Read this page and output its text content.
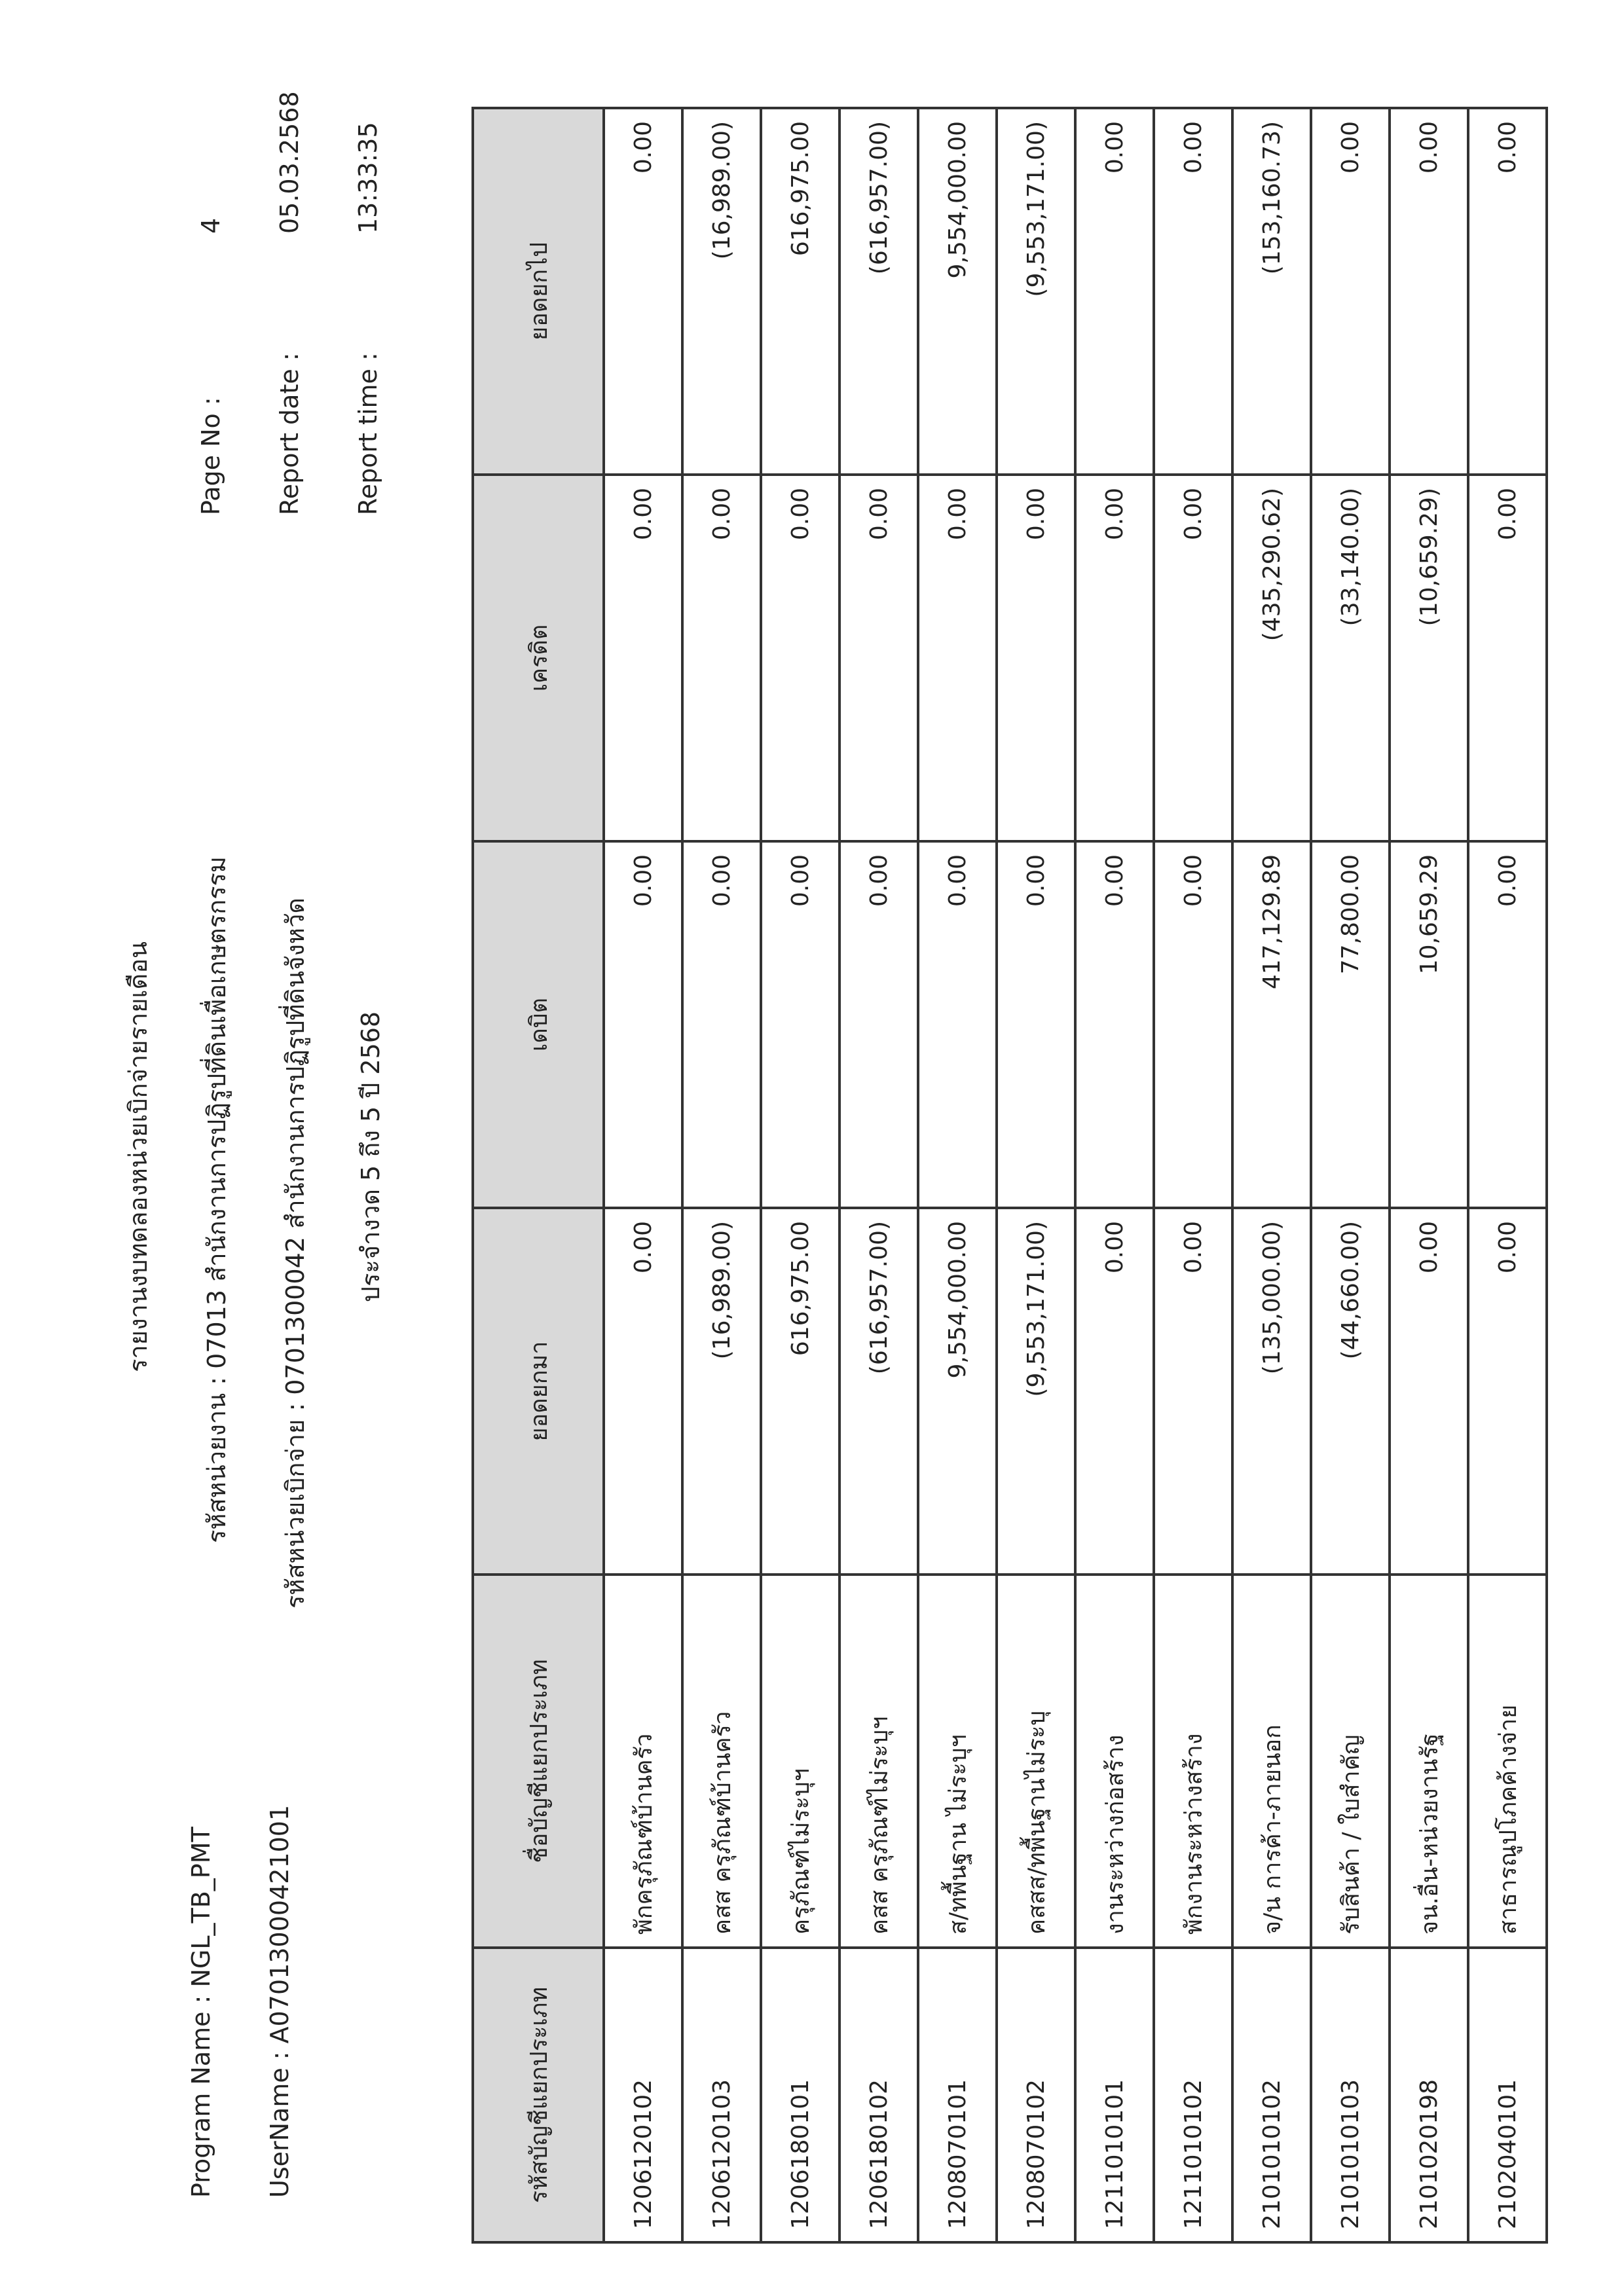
Program Name : NGL_TB_PMT UserName : A07013000421001
รายงานงบทดลองหน่วยเบิกจ่ายรายเดือน รหัสหน่วยงาน : 07013 สำนักงานการปฏิรูปที่ดินเพื่อเกษตรกรรม รหัสหน่วยเบิกจ่าย : 0701300042 สำนักงานการปฏิรูปที่ดินจังหวัด ประจำงวด 5 ถึง 5 ปี 2568
Page No :
4
Report date :
05.03.2568
Report time :
13:33:35
รหัสบัญชีแยกประเภท	ชื่อบัญชีแยกประเภท	ยอดยกมา	เดบิต	เครดิต	ยอดยกไป
1206120102	พักครุภัณฑ์บ้านครัว	0.00	0.00	0.00	0.00
1206120103	คสส ครุภัณฑ์บ้านครัว	(16,989.00)	0.00	0.00	(16,989.00)
1206180101	ครุภัณฑ์ไม่ระบุฯ	616,975.00	0.00	0.00	616,975.00
1206180102	คสส ครุภัณฑ์ไม่ระบุฯ	(616,957.00)	0.00	0.00	(616,957.00)
1208070101	ส/ทพื้นฐาน ไม่ระบุฯ	9,554,000.00	0.00	0.00	9,554,000.00
1208070102	คสสส/ทพื้นฐานไม่ระบุ	(9,553,171.00)	0.00	0.00	(9,553,171.00)
1211010101	งานระหว่างก่อสร้าง	0.00	0.00	0.00	0.00
1211010102	พักงานระหว่างสร้าง	0.00	0.00	0.00	0.00
2101010102	จ/น การค้า-ภายนอก	(135,000.00)	417,129.89	(435,290.62)	(153,160.73)
2101010103	รับสินค้า / ใบสำคัญ	(44,660.00)	77,800.00	(33,140.00)	0.00
2101020198	จน.อื่น-หน่วยงานรัฐ	0.00	10,659.29	(10,659.29)	0.00
2102040101	สาธารณูปโภคค้างจ่าย	0.00	0.00	0.00	0.00
